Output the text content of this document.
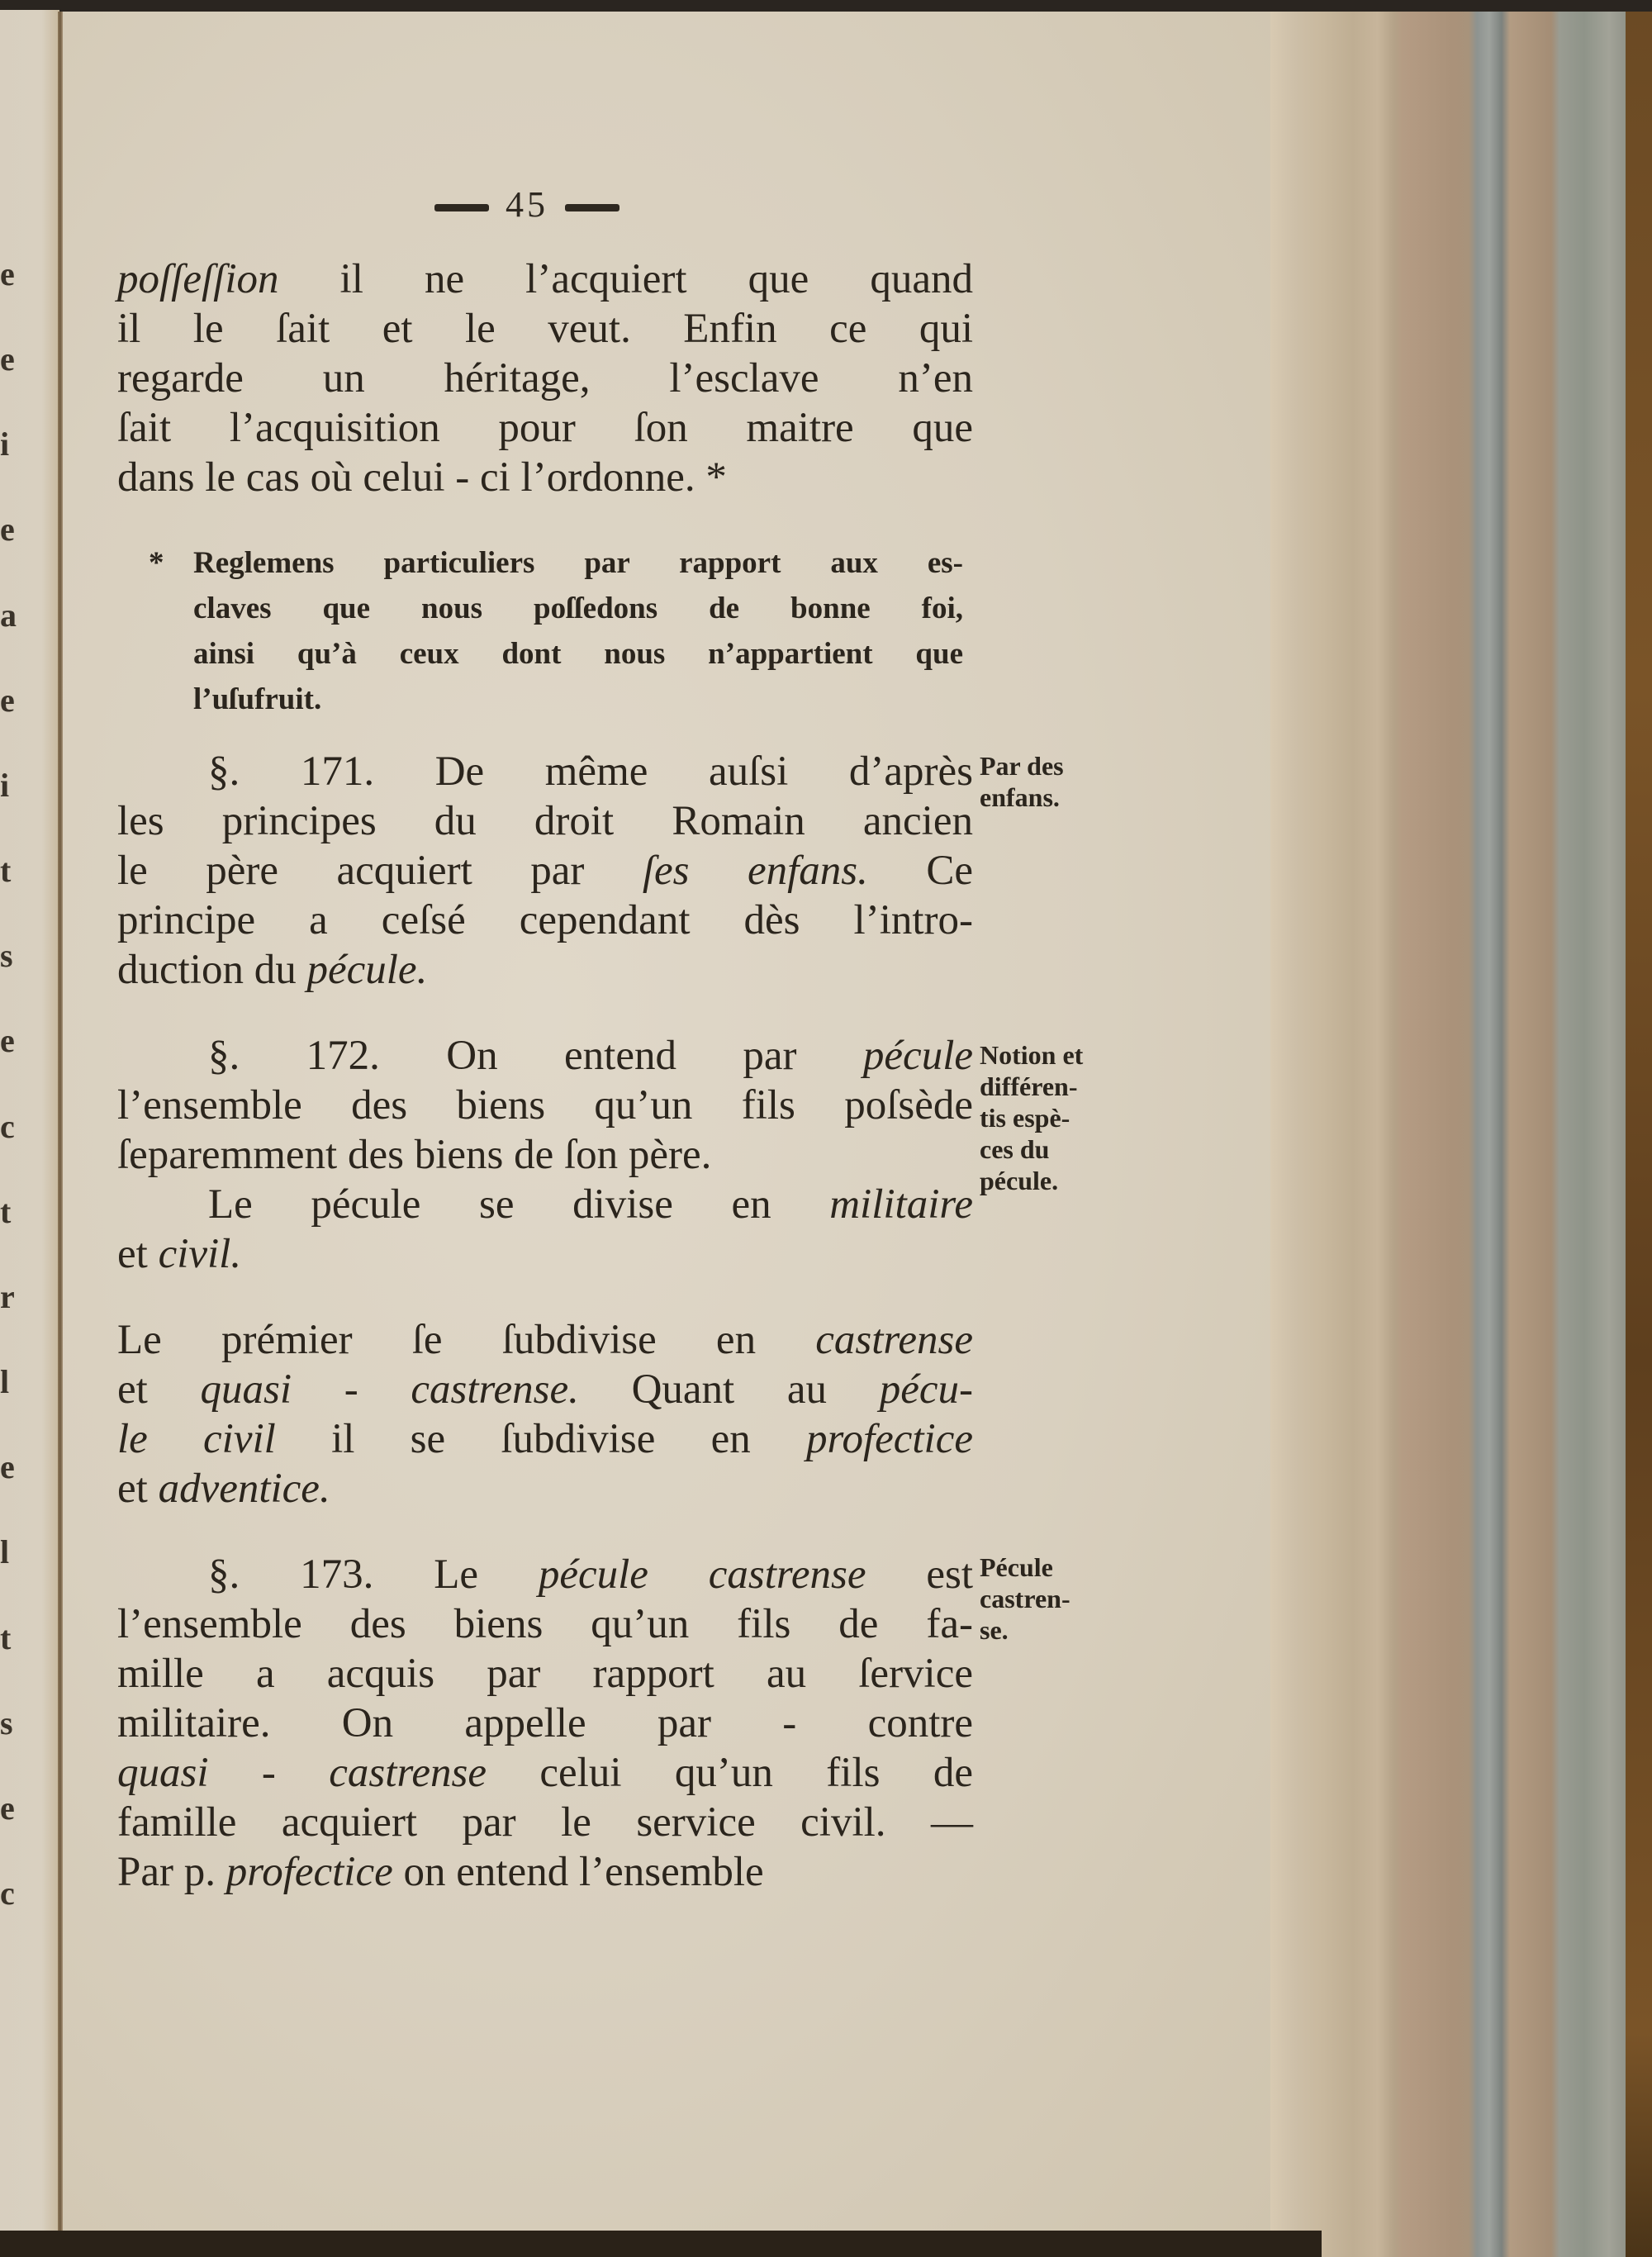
e
e
i
e
a
e
i
t
s
e
c
t
r
l
e
l
t
s
e
c
45
poſſeſſion il ne l’acquiert que quand
il le ſait et le veut. Enfin ce qui
regarde un héritage, l’esclave n’en
ſait l’acquisition pour ſon maitre que
dans le cas où celui - ci l’ordonne. *
* Reglemens particuliers par rapport aux es-
claves que nous poſſedons de bonne foi,
ainsi qu’à ceux dont nous n’appartient que
l’uſufruit.
§. 171. De même auſsi d’après
les principes du droit Romain ancien
le père acquiert par ſes enfans. Ce
principe a ceſsé cependant dès l’intro-
duction du pécule.
Par des
enfans.
§. 172. On entend par pécule
l’ensemble des biens qu’un fils poſsède
ſeparemment des biens de ſon père.
Le pécule se divise en militaire
et civil.
Notion et
différen-
tis espè-
ces du
pécule.
Le prémier ſe ſubdivise en castrense
et quasi - castrense. Quant au pécu-
le civil il se ſubdivise en profectice
et adventice.
§. 173. Le pécule castrense est
l’ensemble des biens qu’un fils de fa-
mille a acquis par rapport au ſervice
militaire. On appelle par - contre
quasi - castrense celui qu’un fils de
famille acquiert par le service civil. —
Par p. profectice on entend l’ensemble
Pécule
castren-
se.
